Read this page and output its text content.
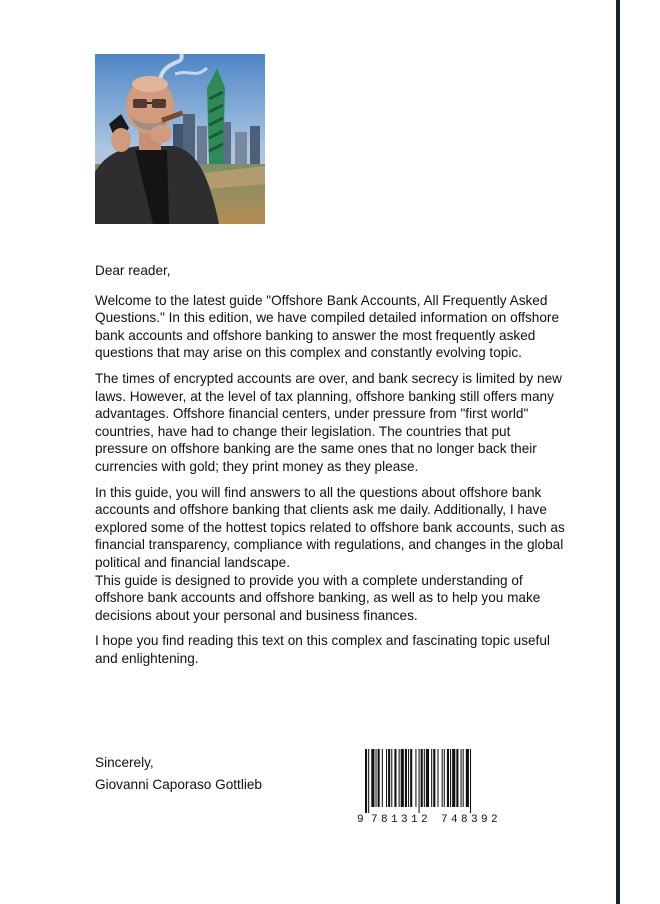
Dear reader,

Welcome to the latest guide "Offshore Bank Accounts, All Frequently Asked Questions." In this edition, we have compiled detailed information on offshore bank accounts and offshore banking to answer the most frequently asked questions that may arise on this complex and constantly evolving topic.

The times of encrypted accounts are over, and bank secrecy is limited by new laws. However, at the level of tax planning, offshore banking still offers many advantages. Offshore financial centers, under pressure from "first world" countries, have had to change their legislation. The countries that put pressure on offshore banking are the same ones that no longer back their currencies with gold; they print money as they please.

In this guide, you will find answers to all the questions about offshore bank accounts and offshore banking that clients ask me daily. Additionally, I have explored some of the hottest topics related to offshore bank accounts, such as financial transparency, compliance with regulations, and changes in the global political and financial landscape.

This guide is designed to provide you with a complete understanding of offshore bank accounts and offshore banking, as well as to help you make decisions about your personal and business finances.

I hope you find reading this text on this complex and fascinating topic useful and enlightening.

Sincerely,
Giovanni Caporaso Gottlieb
9 7 8 1 3 1 2 7 4 8 3 9 2
